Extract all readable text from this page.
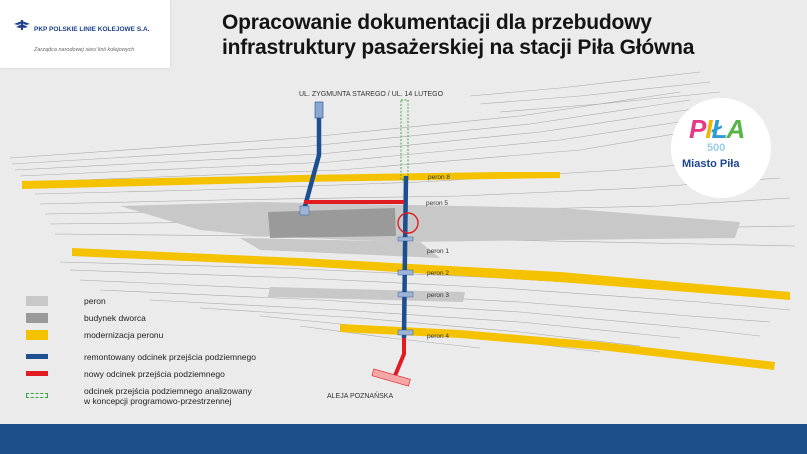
PKP POLSKIE LINIE KOLEJOWE S.A.
Zarządca narodowej sieci linii kolejowych
Opracowanie dokumentacji dla przebudowy
infrastruktury pasażerskiej na stacji Piła Główna
UL. ZYGMUNTA STAREGO / UL. 14 LUTEGO
ALEJA POZNAŃSKA
peron 8
peron 5
peron 1
peron 2
peron 3
peron 4
PIŁA
500
Miasto Piła
peron
budynek dworca
modernizacja peronu
remontowany odcinek przejścia podziemnego
nowy odcinek przejścia podziemnego
odcinek przejścia podziemnego analizowany
w koncepcji programowo-przestrzennej
